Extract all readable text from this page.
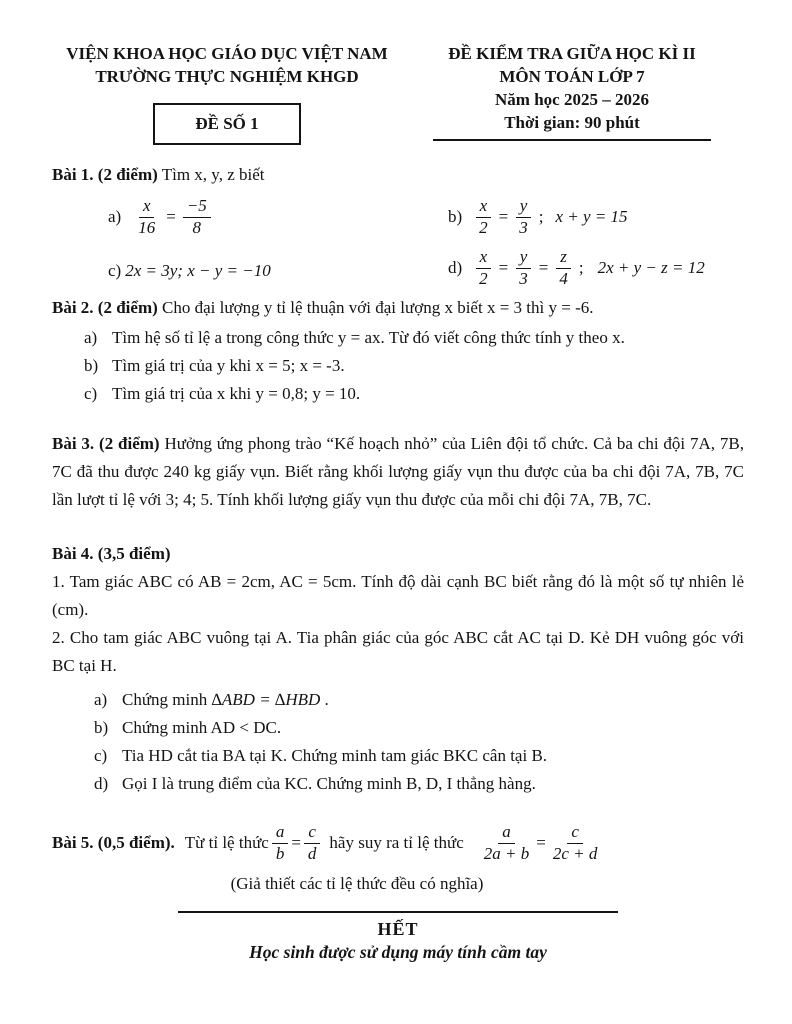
VIỆN KHOA HỌC GIÁO DỤC VIỆT NAM
TRƯỜNG THỰC NGHIỆM KHGD
ĐỀ SỐ 1
ĐỀ KIỂM TRA GIỮA HỌC KÌ II
MÔN TOÁN LỚP 7
Năm học 2025 – 2026
Thời gian: 90 phút
Bài 1. (2 điểm) Tìm x, y, z biết
$a) \frac{x}{16} = \frac{-5}{8}$	$b) \frac{x}{2} = \frac{y}{3}$ ; x + y = 15
c) 2x = 3y; x − y = −10	$d) \frac{x}{2} = \frac{y}{3} = \frac{z}{4}$ ; 2x + y − z = 12
Bài 2. (2 điểm) Cho đại lượng y tỉ lệ thuận với đại lượng x biết x = 3 thì y = -6.
a) Tìm hệ số tỉ lệ a trong công thức y = ax. Từ đó viết công thức tính y theo x.
b) Tìm giá trị của y khi x = 5; x = -3.
c) Tìm giá trị của x khi y = 0,8; y = 10.
Bài 3. (2 điểm) Hưởng ứng phong trào “Kế hoạch nhỏ” của Liên đội tổ chức. Cả ba chi đội 7A, 7B, 7C đã thu được 240 kg giấy vụn. Biết rằng khối lượng giấy vụn thu được của ba chi đội 7A, 7B, 7C lần lượt tỉ lệ với 3; 4; 5. Tính khối lượng giấy vụn thu được của mỗi chi đội 7A, 7B, 7C.
Bài 4. (3,5 điểm)
1. Tam giác ABC có AB = 2cm, AC = 5cm. Tính độ dài cạnh BC biết rằng đó là một số tự nhiên lẻ (cm).
2. Cho tam giác ABC vuông tại A. Tia phân giác của góc ABC cắt AC tại D. Kẻ DH vuông góc với BC tại H.
a) Chứng minh ∆ABD = ∆HBD .
b) Chứng minh AD < DC.
c) Tia HD cắt tia BA tại K. Chứng minh tam giác BKC cân tại B.
d) Gọi I là trung điểm của KC. Chứng minh B, D, I thẳng hàng.
Bài 5. (0,5 điểm). Từ tỉ lệ thức $\frac{a}{b} = \frac{c}{d}$ hãy suy ra tỉ lệ thức $\frac{a}{2a + b} = \frac{c}{2c + d}$
(Giả thiết các tỉ lệ thức đều có nghĩa)
HẾT
Học sinh được sử dụng máy tính cầm tay
